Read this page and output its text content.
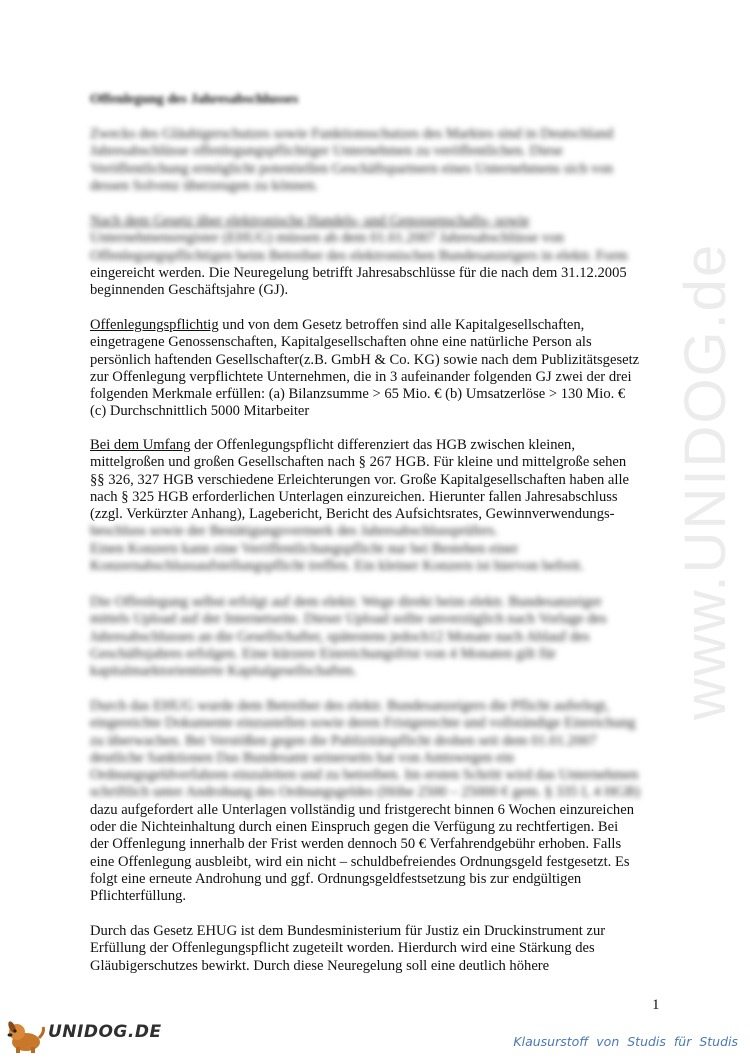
www.UNIDOG.de
Offenlegung des Jahresabschlusses
Zwecks des Gläubigerschutzes sowie Funktionsschutzes des Marktes sind in Deutschland
Jahresabschlüsse offenlegungspflichtiger Unternehmen zu veröffentlichen. Diese
Veröffentlichung ermöglicht potentiellen Geschäftspartnern eines Unternehmens sich von
dessen Solvenz überzeugen zu können.
Nach dem Gesetz über elektronische Handels- und Genossenschafts- sowie
Unternehmensregister (EHUG) müssen ab dem 01.01.2007 Jahresabschlüsse von
Offenlegungspflichtigen beim Betreiber des elektronischen Bundesanzeigers in elektr. Form
eingereicht werden. Die Neuregelung betrifft Jahresabschlüsse für die nach dem 31.12.2005
beginnenden Geschäftsjahre (GJ).
Offenlegungspflichtig und von dem Gesetz betroffen sind alle Kapitalgesellschaften,
eingetragene Genossenschaften, Kapitalgesellschaften ohne eine natürliche Person als
persönlich haftenden Gesellschafter(z.B. GmbH & Co. KG) sowie nach dem Publizitätsgesetz
zur Offenlegung verpflichtete Unternehmen, die in 3 aufeinander folgenden GJ zwei der drei
folgenden Merkmale erfüllen: (a) Bilanzsumme > 65 Mio. € (b) Umsatzerlöse > 130 Mio. €
(c) Durchschnittlich 5000 Mitarbeiter
Bei dem Umfang der Offenlegungspflicht differenziert das HGB zwischen kleinen,
mittelgroßen und großen Gesellschaften nach § 267 HGB. Für kleine und mittelgroße sehen
§§ 326, 327 HGB verschiedene Erleichterungen vor. Große Kapitalgesellschaften haben alle
nach § 325 HGB erforderlichen Unterlagen einzureichen. Hierunter fallen Jahresabschluss
(zzgl. Verkürzter Anhang), Lagebericht, Bericht des Aufsichtsrates, Gewinnverwendungs-
beschluss sowie der Bestätigungsvermerk des Jahresabschlussprüfers.
Einen Konzern kann eine Veröffentlichungspflicht nur bei Bestehen einer
Konzernabschlussaufstellungspflicht treffen. Ein kleiner Konzern ist hiervon befreit.
Die Offenlegung selbst erfolgt auf dem elektr. Wege direkt beim elektr. Bundesanzeiger
mittels Upload auf der Internetseite. Dieser Upload sollte unverzüglich nach Vorlage des
Jahresabschlusses an die Gesellschafter, spätestens jedoch12 Monate nach Ablauf des
Geschäftsjahres erfolgen. Eine kürzere Einreichungsfrist von 4 Monaten gilt für
kapitalmarktorientierte Kapitalgesellschaften.
Durch das EHUG wurde dem Betreiber des elektr. Bundesanzeigers die Pflicht auferlegt,
eingereichte Dokumente einzustellen sowie deren Fristgerechte und vollständige Einreichung
zu überwachen. Bei Verstößen gegen die Publizitätspflicht drohen seit dem 01.01.2007
deutliche Sanktionen Das Bundesamt seinerseits hat von Amtswegen ein
Ordnungsgeldverfahren einzuleiten und zu betreiben. Im ersten Schritt wird das Unternehmen
schriftlich unter Androhung des Ordnungsgeldes (Höhe 2500 – 25000 € gem. § 335 I, 4 HGB)
dazu aufgefordert alle Unterlagen vollständig und fristgerecht binnen 6 Wochen einzureichen
oder die Nichteinhaltung durch einen Einspruch gegen die Verfügung zu rechtfertigen. Bei
der Offenlegung innerhalb der Frist werden dennoch 50 € Verfahrendgebühr erhoben. Falls
eine Offenlegung ausbleibt, wird ein nicht – schuldbefreiendes Ordnungsgeld festgesetzt. Es
folgt eine erneute Androhung und ggf. Ordnungsgeldfestsetzung bis zur endgültigen
Pflichterfüllung.
Durch das Gesetz EHUG ist dem Bundesministerium für Justiz ein Druckinstrument zur
Erfüllung der Offenlegungspflicht zugeteilt worden. Hierdurch wird eine Stärkung des
Gläubigerschutzes bewirkt. Durch diese Neuregelung soll eine deutlich höhere
1
UNIDOG.DE	Klausurstoff von Studis für Studis
